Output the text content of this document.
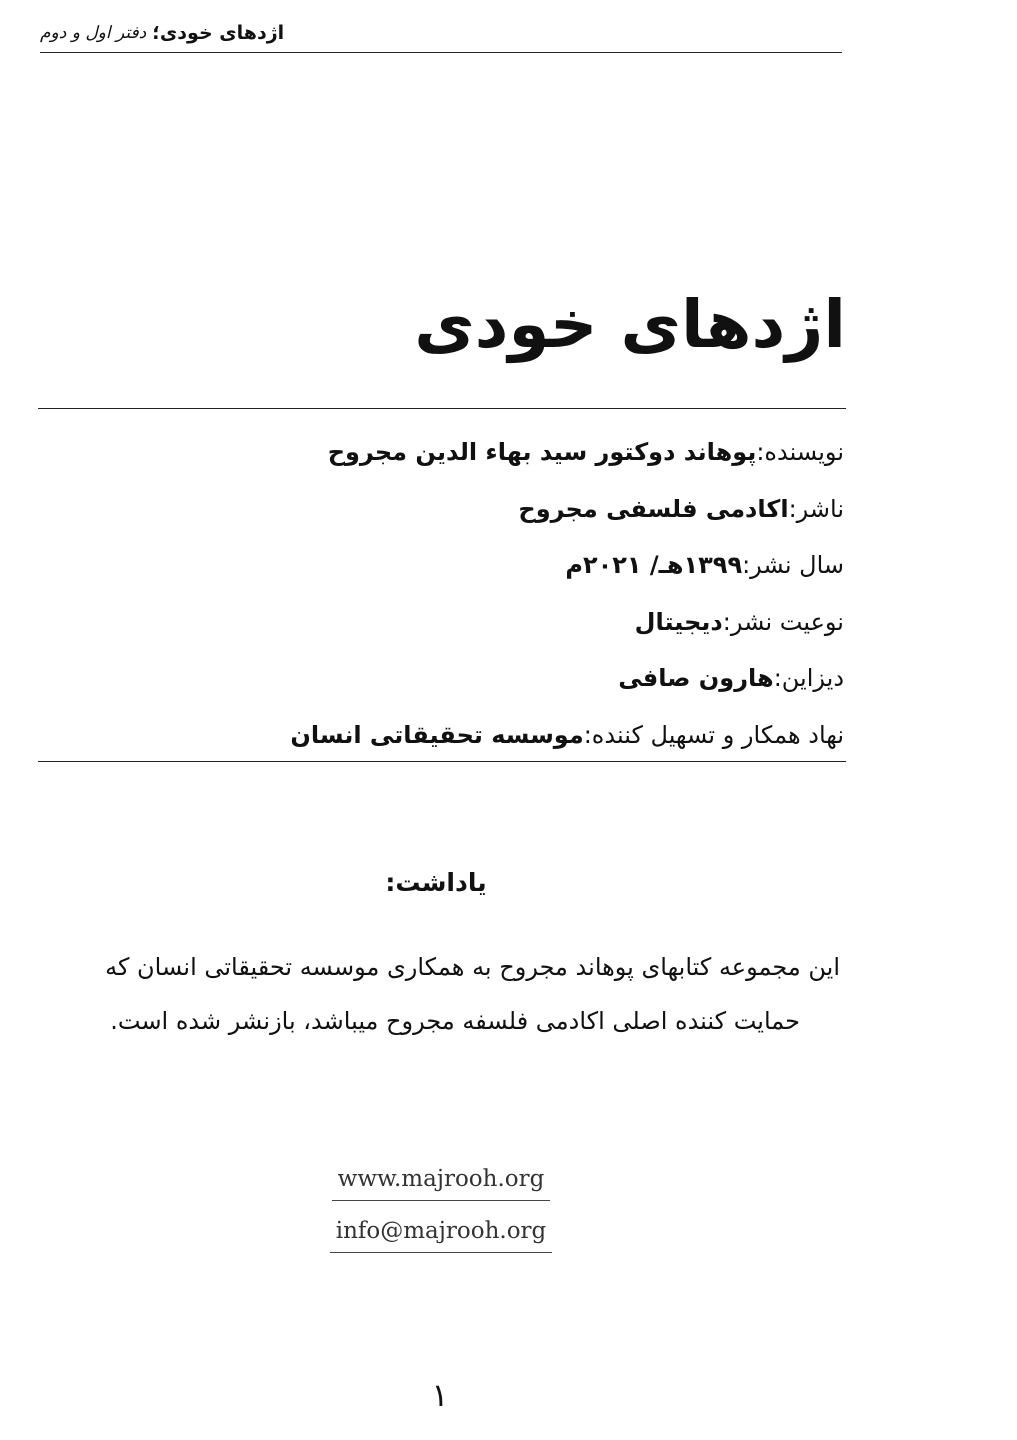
اژدهای خودی؛

دفتر اول و دوم
اژدهای خودی
نویسنده:
پوهاند دوکتور سید بهاء الدین مجروح
ناشر:
اکادمی فلسفی مجروح
سال نشر:
۱۳۹۹هـ/ ۲۰۲۱م
نوعیت نشر:
دیجیتال
دیزاین:
هارون صافی
نهاد همکار و تسهیل کننده:
موسسه تحقیقاتی انسان
یاداشت:
این مجموعه کتابهای پوهاند مجروح به همکاری موسسه تحقیقاتی انسان که
حمایت کننده اصلی اکادمی فلسفه مجروح میباشد، بازنشر شده است.
www.majrooh.org
info@majrooh.org
۱
